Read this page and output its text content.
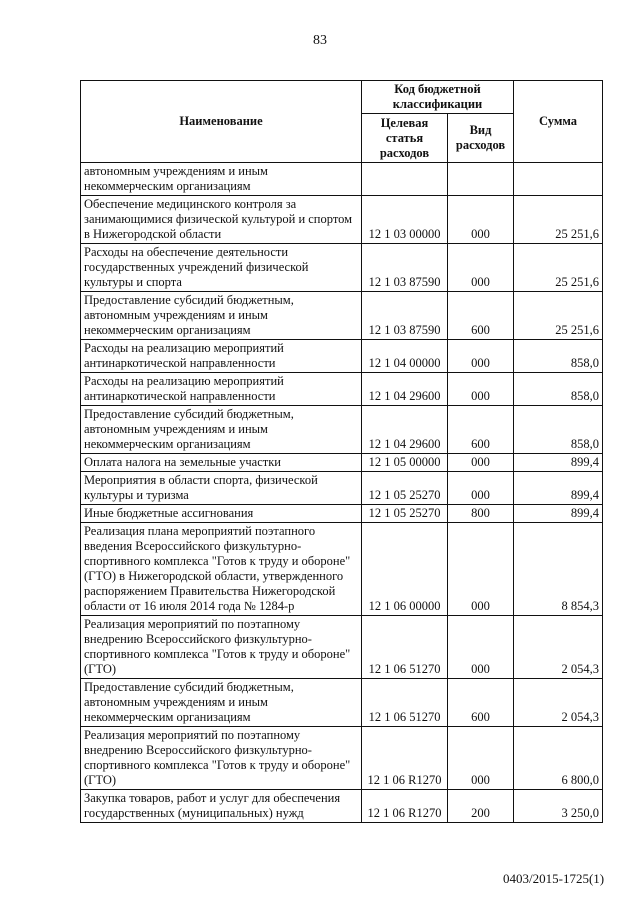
83
Наименование	Код бюджетной классификации		Сумма
	Целевая статья расходов	Вид расходов	
автономным учреждениям и иным некоммерческим организациям			
Обеспечение медицинского контроля за занимающимися физической культурой и спортом в Нижегородской области	12 1 03 00000	000	25 251,6
Расходы на обеспечение деятельности государственных учреждений физической культуры и спорта	12 1 03 87590	000	25 251,6
Предоставление субсидий бюджетным, автономным учреждениям и иным некоммерческим организациям	12 1 03 87590	600	25 251,6
Расходы на реализацию мероприятий антинаркотической направленности	12 1 04 00000	000	858,0
Расходы на реализацию мероприятий антинаркотической направленности	12 1 04 29600	000	858,0
Предоставление субсидий бюджетным, автономным учреждениям и иным некоммерческим организациям	12 1 04 29600	600	858,0
Оплата налога на земельные участки	12 1 05 00000	000	899,4
Мероприятия в области спорта, физической культуры и туризма	12 1 05 25270	000	899,4
Иные бюджетные ассигнования	12 1 05 25270	800	899,4
Реализация плана мероприятий поэтапного введения Всероссийского физкультурно-спортивного комплекса "Готов к труду и обороне" (ГТО) в Нижегородской области, утвержденного распоряжением Правительства Нижегородской области от 16 июля 2014 года № 1284-р	12 1 06 00000	000	8 854,3
Реализация мероприятий по поэтапному внедрению Всероссийского физкультурно-спортивного комплекса "Готов к труду и обороне" (ГТО)	12 1 06 51270	000	2 054,3
Предоставление субсидий бюджетным, автономным учреждениям и иным некоммерческим организациям	12 1 06 51270	600	2 054,3
Реализация мероприятий по поэтапному внедрению Всероссийского физкультурно-спортивного комплекса "Готов к труду и обороне" (ГТО)	12 1 06 R1270	000	6 800,0
Закупка товаров, работ и услуг для обеспечения государственных (муниципальных) нужд	12 1 06 R1270	200	3 250,0
0403/2015-1725(1)
